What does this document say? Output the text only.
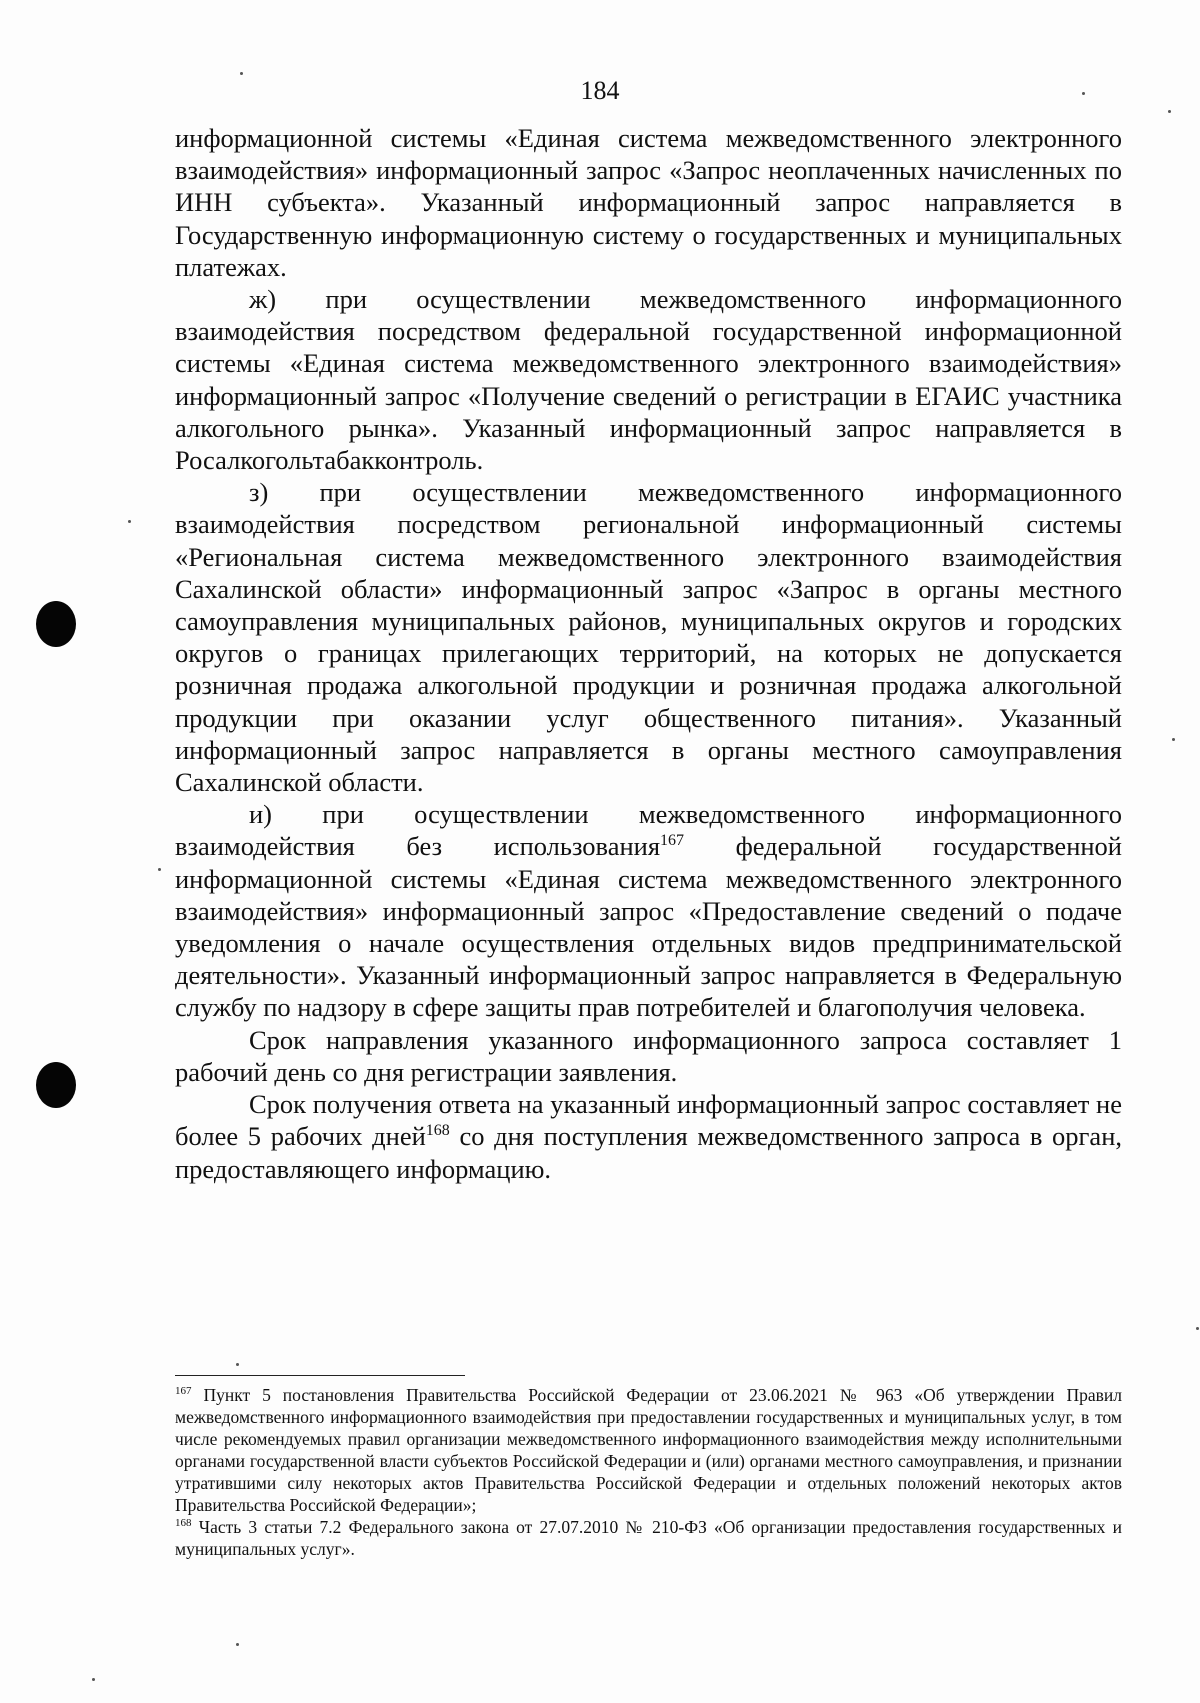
184

информационной системы «Единая система межведомственного электронного взаимодействия» информационный запрос «Запрос неоплаченных начисленных по ИНН субъекта». Указанный информационный запрос направляется в Государственную информационную систему о государственных и муниципальных платежах.

ж) при осуществлении межведомственного информационного взаимодействия посредством федеральной государственной информационной системы «Единая система межведомственного электронного взаимодействия» информационный запрос «Получение сведений о регистрации в ЕГАИС участника алкогольного рынка». Указанный информационный запрос направляется в Росалкогольтабакконтроль.

з) при осуществлении межведомственного информационного взаимодействия посредством региональной информационный системы «Региональная система межведомственного электронного взаимодействия Сахалинской области» информационный запрос «Запрос в органы местного самоуправления муниципальных районов, муниципальных округов и городских округов о границах прилегающих территорий, на которых не допускается розничная продажа алкогольной продукции и розничная продажа алкогольной продукции при оказании услуг общественного питания». Указанный информационный запрос направляется в органы местного самоуправления Сахалинской области.

и) при осуществлении межведомственного информационного взаимодействия без использования$^{167}$ федеральной государственной информационной системы «Единая система межведомственного электронного взаимодействия» информационный запрос «Предоставление сведений о подаче уведомления о начале осуществления отдельных видов предпринимательской деятельности». Указанный информационный запрос направляется в Федеральную службу по надзору в сфере защиты прав потребителей и благополучия человека.

Срок направления указанного информационного запроса составляет 1 рабочий день со дня регистрации заявления.

Срок получения ответа на указанный информационный запрос составляет не более 5 рабочих дней$^{168}$ со дня поступления межведомственного запроса в орган, предоставляющего информацию.

$^{167}$ Пункт 5 постановления Правительства Российской Федерации от 23.06.2021 № 963 «Об утверждении Правил межведомственного информационного взаимодействия при предоставлении государственных и муниципальных услуг, в том числе рекомендуемых правил организации межведомственного информационного взаимодействия между исполнительными органами государственной власти субъектов Российской Федерации и (или) органами местного самоуправления, и признании утратившими силу некоторых актов Правительства Российской Федерации и отдельных положений некоторых актов Правительства Российской Федерации»;

$^{168}$ Часть 3 статьи 7.2 Федерального закона от 27.07.2010 № 210-ФЗ «Об организации предоставления государственных и муниципальных услуг».
